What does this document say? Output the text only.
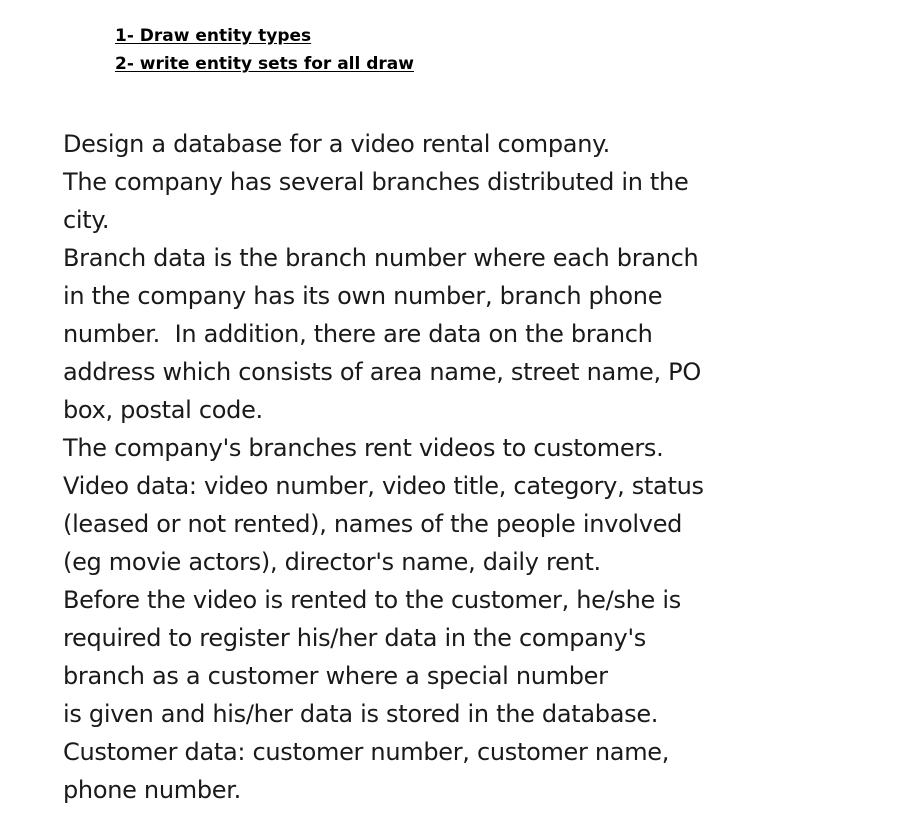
1- Draw entity types
2- write entity sets for all draw
Design a database for a video rental company.
The company has several branches distributed in the
city.
Branch data is the branch number where each branch
in the company has its own number, branch phone
number.  In addition, there are data on the branch
address which consists of area name, street name, PO
box, postal code.
The company's branches rent videos to customers.
Video data: video number, video title, category, status
(leased or not rented), names of the people involved
(eg movie actors), director's name, daily rent.
Before the video is rented to the customer, he/she is
required to register his/her data in the company's
branch as a customer where a special number
is given and his/her data is stored in the database.
Customer data: customer number, customer name,
phone number.
